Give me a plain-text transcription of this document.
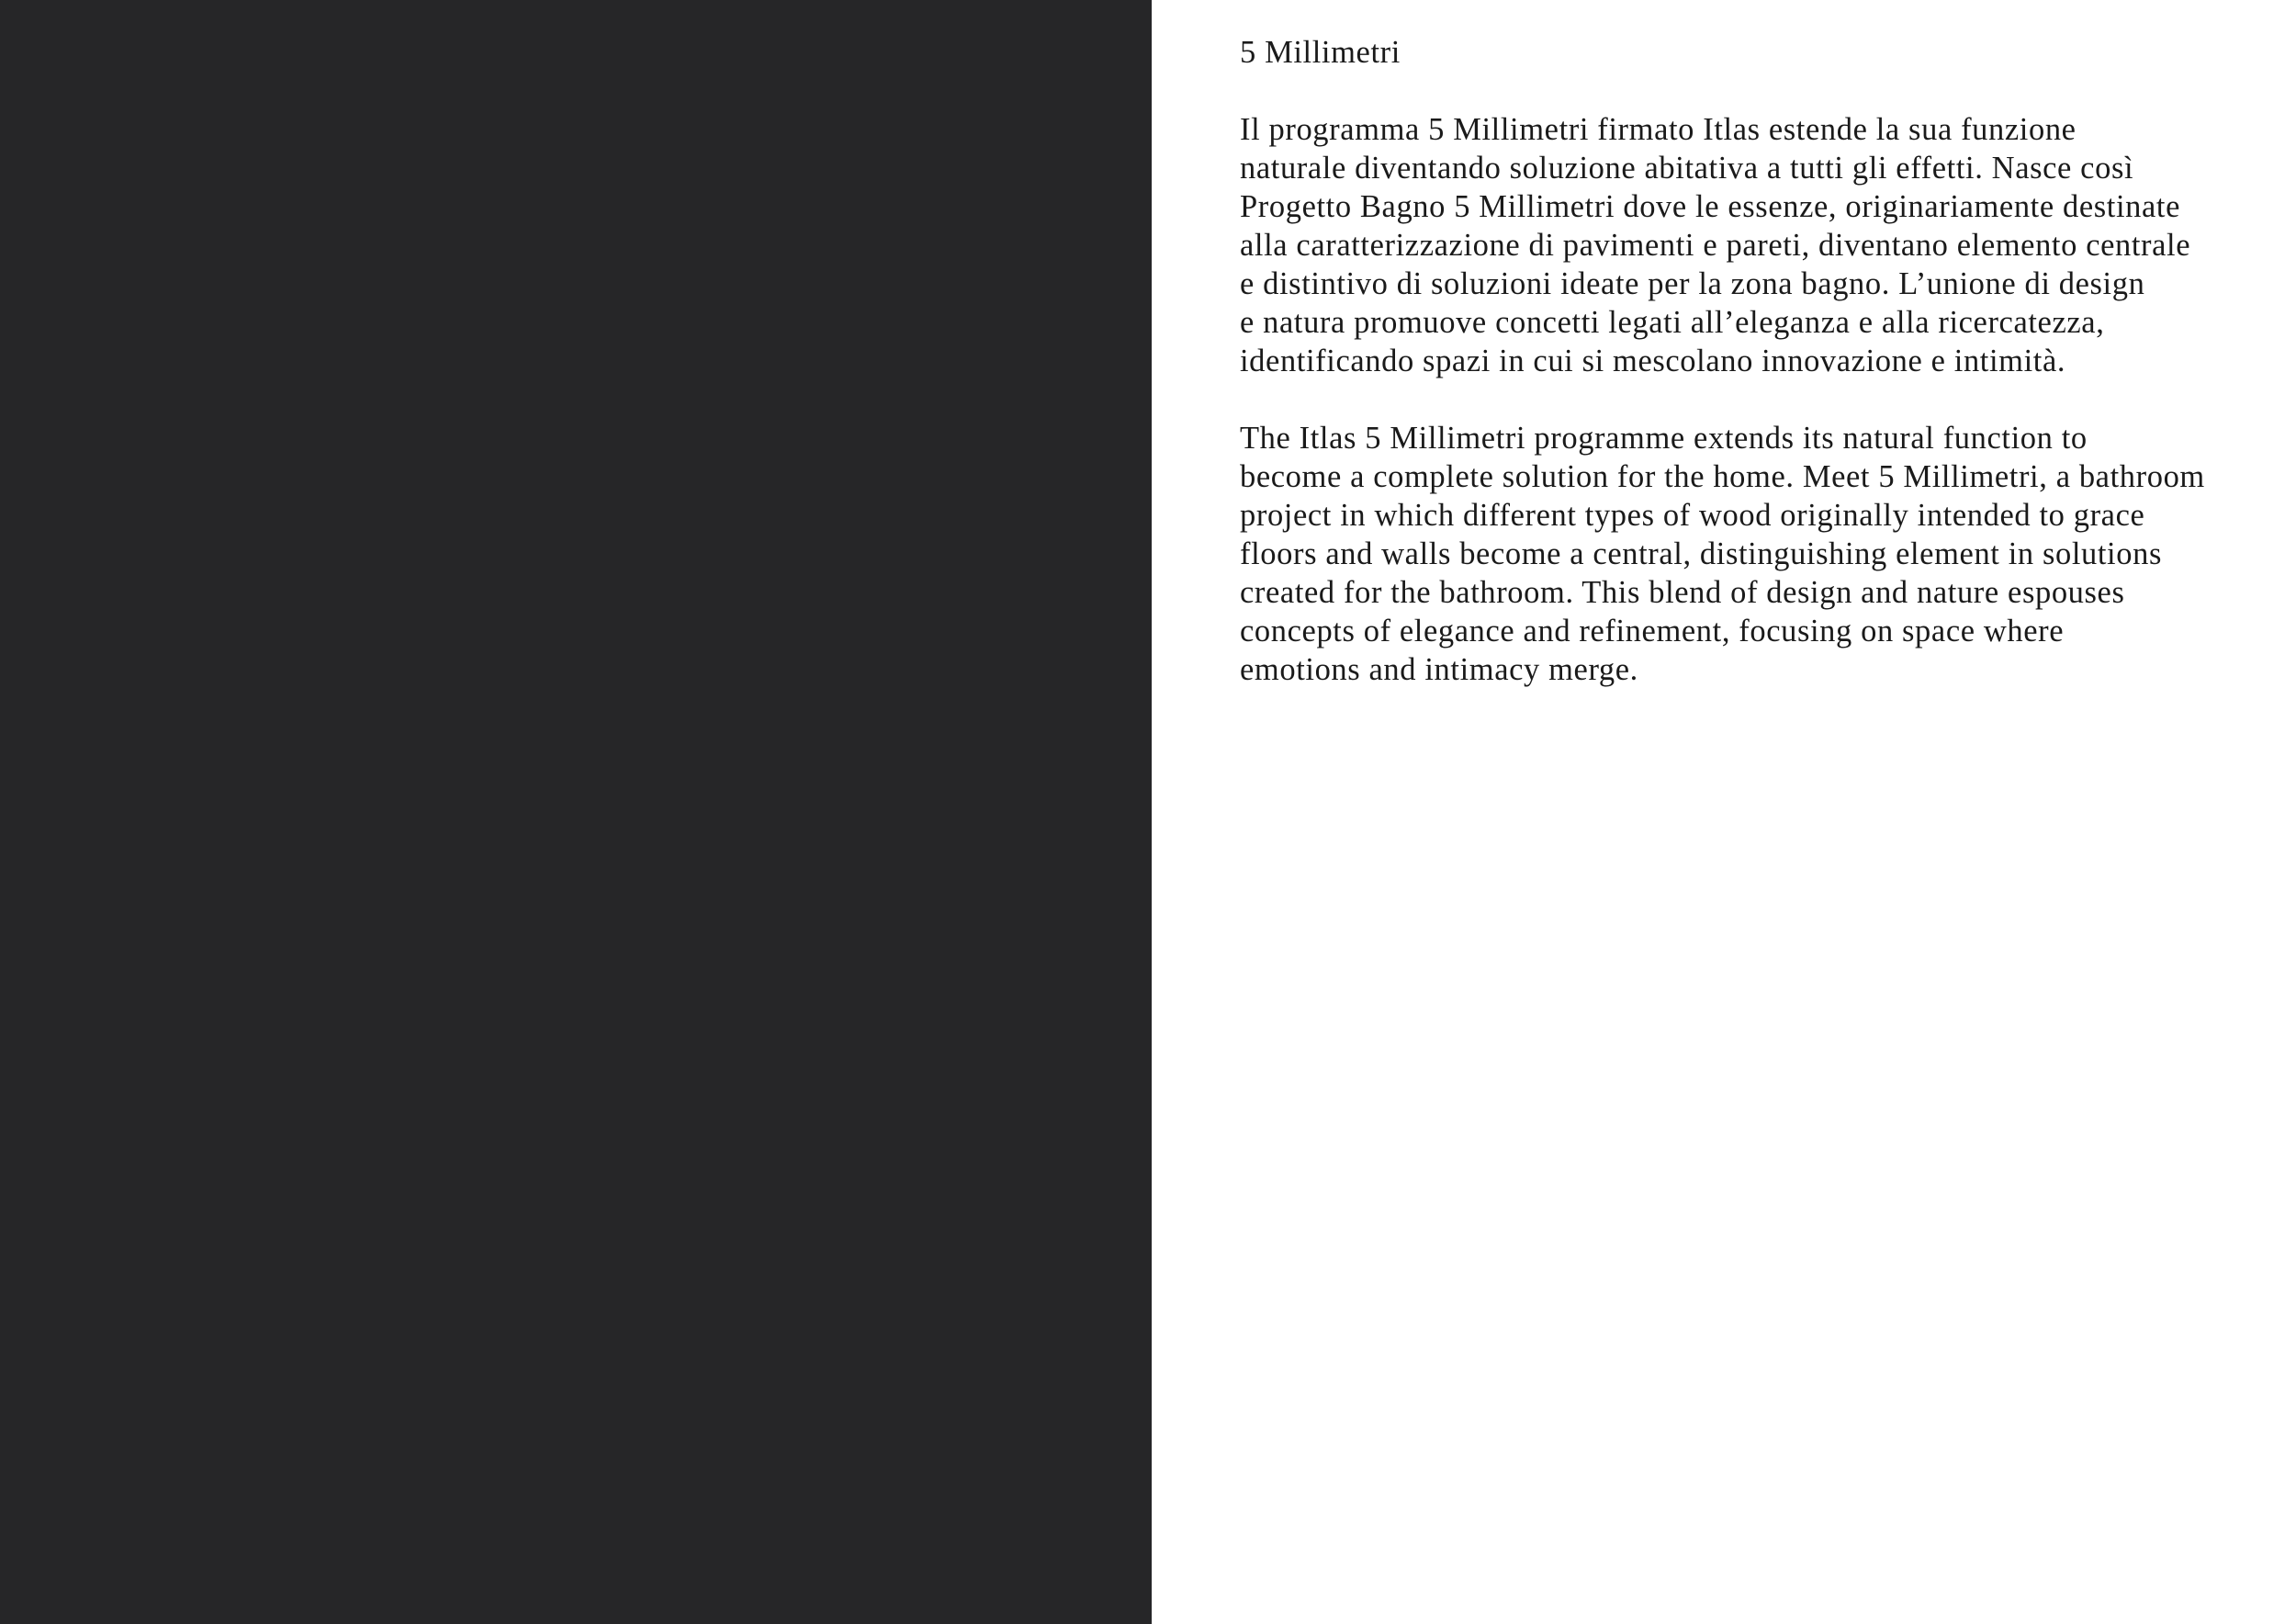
5 Millimetri

Il programma 5 Millimetri firmato Itlas estende la sua funzione
naturale diventando soluzione abitativa a tutti gli effetti. Nasce così
Progetto Bagno 5 Millimetri dove le essenze, originariamente destinate
alla caratterizzazione di pavimenti e pareti, diventano elemento centrale
e distintivo di soluzioni ideate per la zona bagno. L’unione di design
e natura promuove concetti legati all’eleganza e alla ricercatezza,
identificando spazi in cui si mescolano innovazione e intimità.

The Itlas 5 Millimetri programme extends its natural function to
become a complete solution for the home. Meet 5 Millimetri, a bathroom
project in which different types of wood originally intended to grace
floors and walls become a central, distinguishing element in solutions
created for the bathroom. This blend of design and nature espouses
concepts of elegance and refinement, focusing on space where
emotions and intimacy merge.
